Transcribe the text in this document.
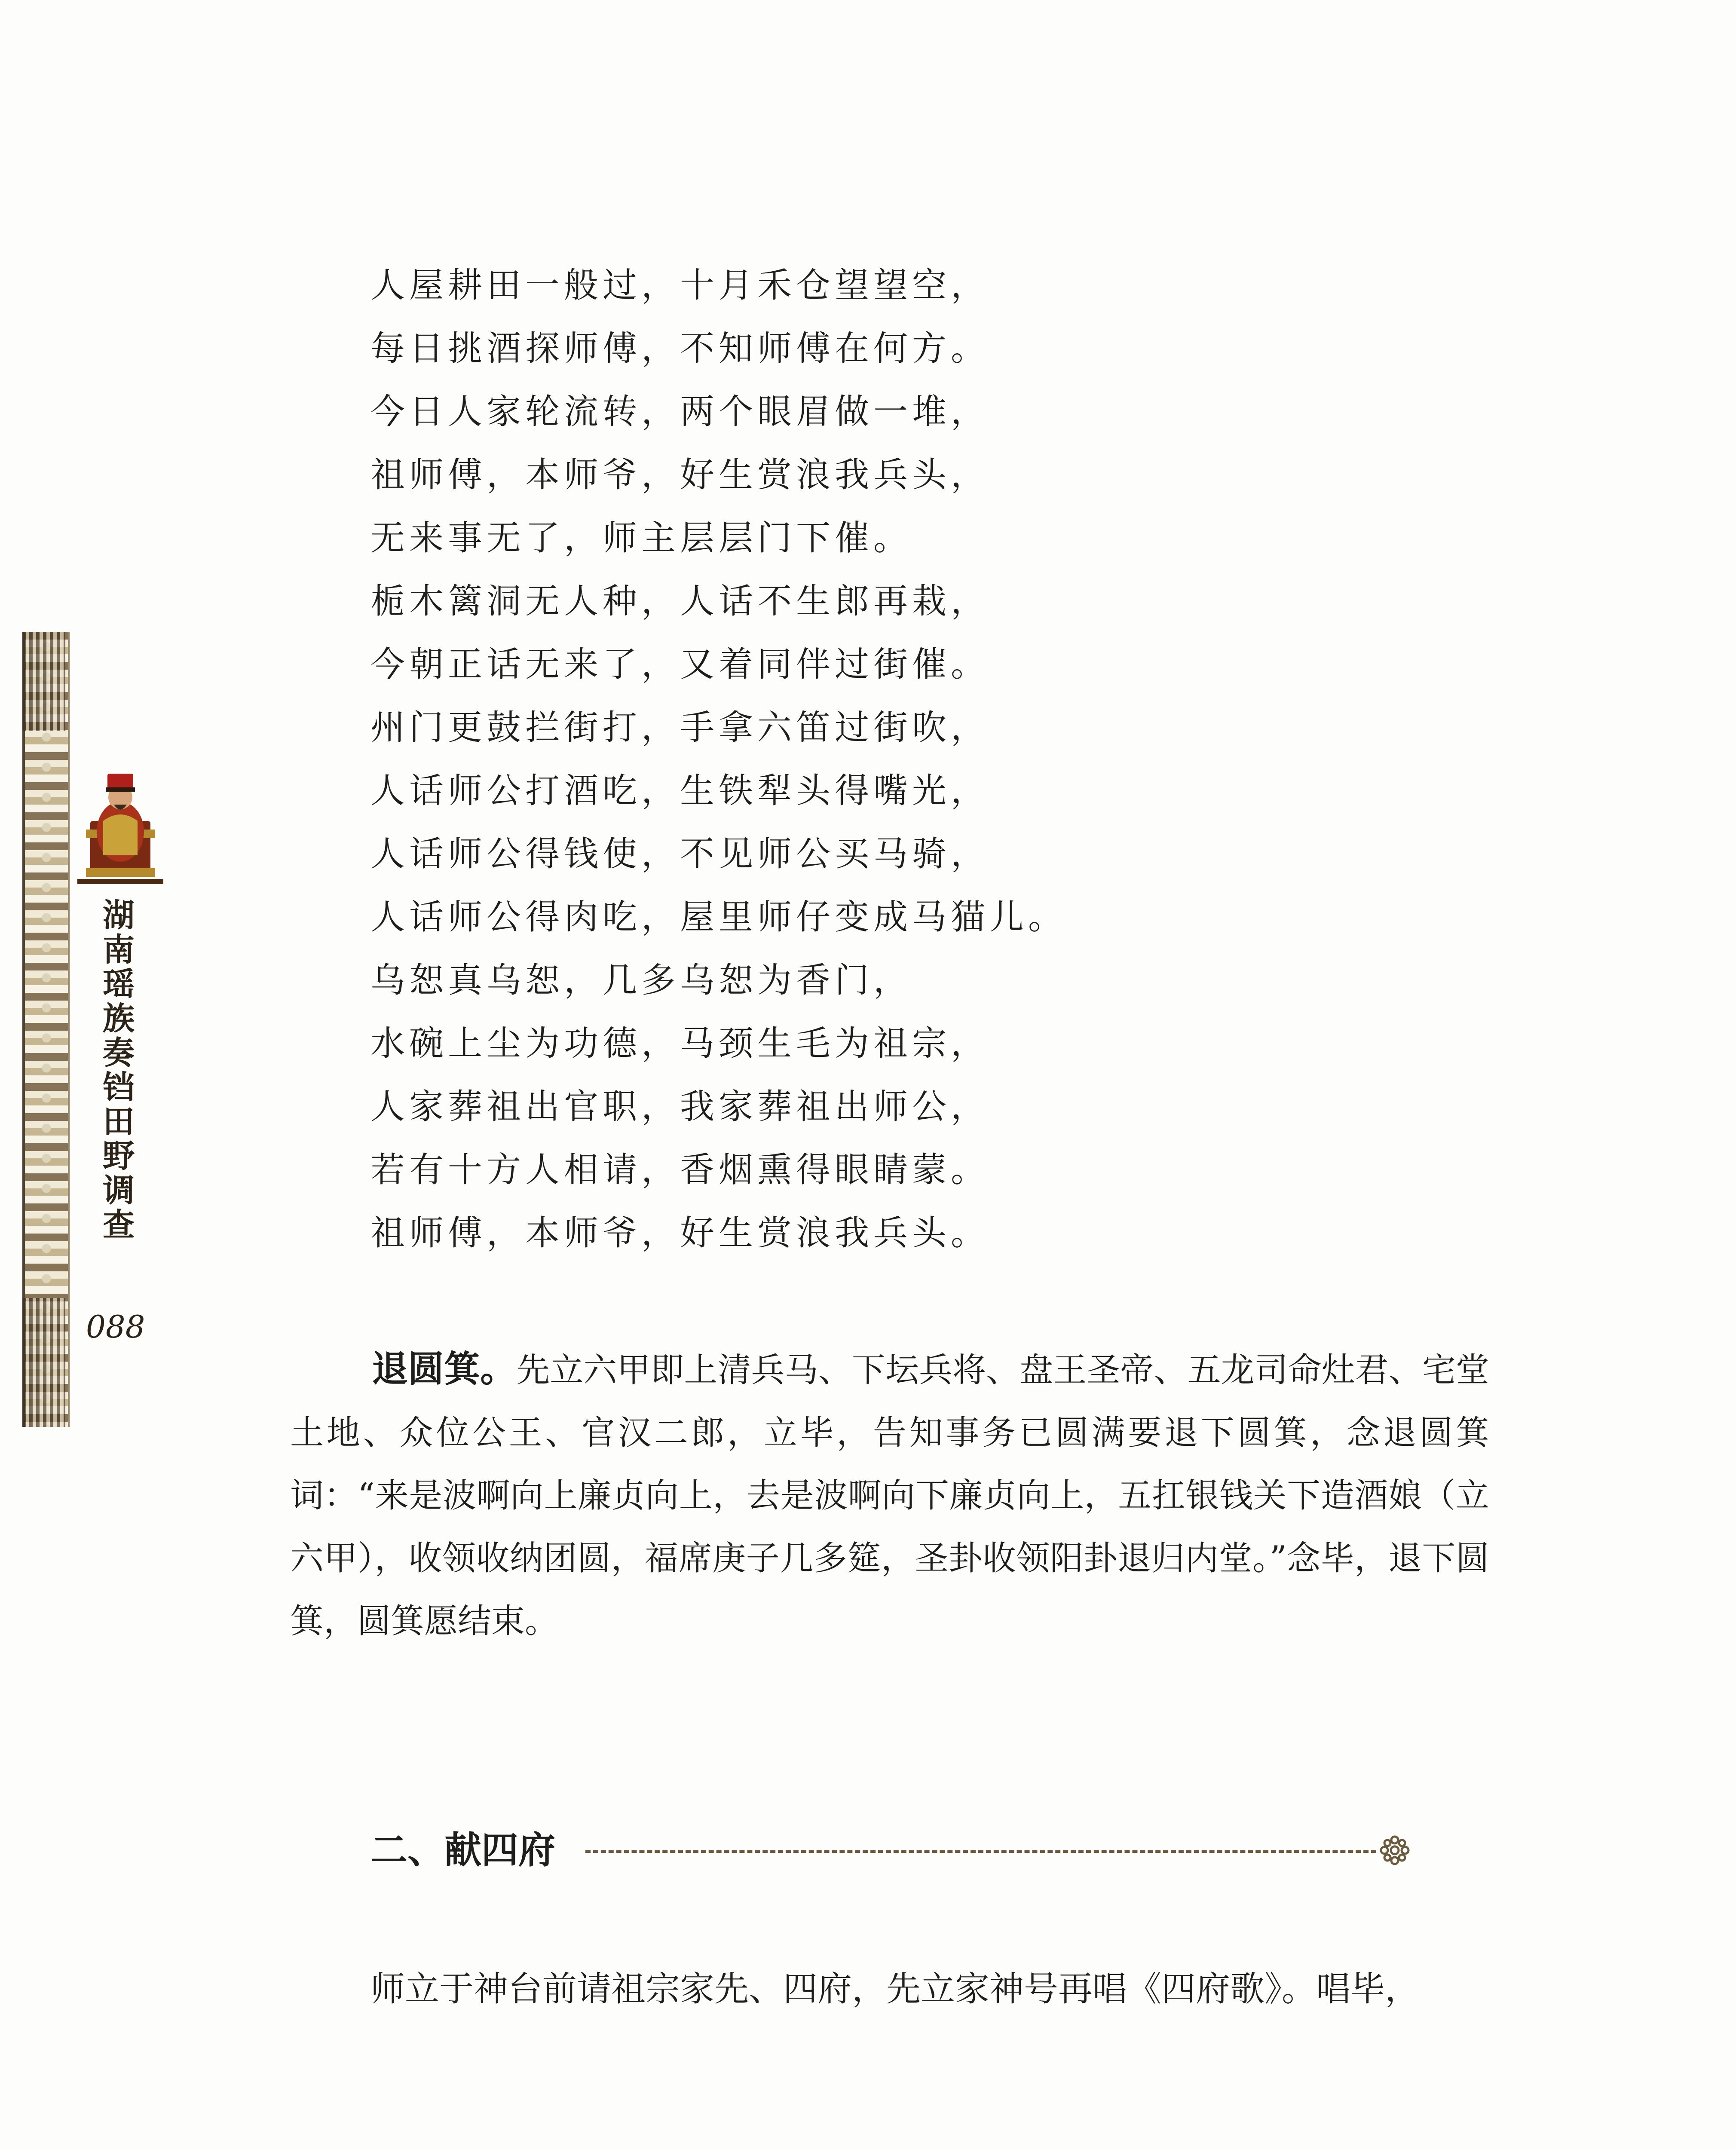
湖南瑶族奏铛田野调查
088
人屋耕田一般过，十月禾仓望望空，
每日挑酒探师傅，不知师傅在何方。
今日人家轮流转，两个眼眉做一堆，
祖师傅，本师爷，好生赏浪我兵头，
无来事无了，师主层层门下催。
栀木篱洞无人种，人话不生郎再栽，
今朝正话无来了，又着同伴过街催。
州门更鼓拦街打，手拿六笛过街吹，
人话师公打酒吃，生铁犁头得嘴光，
人话师公得钱使，不见师公买马骑，
人话师公得肉吃，屋里师仔变成马猫儿。
乌恕真乌恕，几多乌恕为香门，
水碗上尘为功德，马颈生毛为祖宗，
人家葬祖出官职，我家葬祖出师公，
若有十方人相请，香烟熏得眼睛蒙。
祖师傅，本师爷，好生赏浪我兵头。

退圆箕。先立六甲即上清兵马、下坛兵将、盘王圣帝、五龙司命灶君、宅堂土地、众位公王、官汉二郎，立毕，告知事务已圆满要退下圆箕，念退圆箕词：“来是波啊向上廉贞向上，去是波啊向下廉贞向上，五扛银钱关下造酒娘（立六甲），收领收纳团圆，福席庚子几多筵，圣卦收领阳卦退归内堂。”念毕，退下圆箕，圆箕愿结束。

二、献四府

师立于神台前请祖宗家先、四府，先立家神号再唱《四府歌》。唱毕，
